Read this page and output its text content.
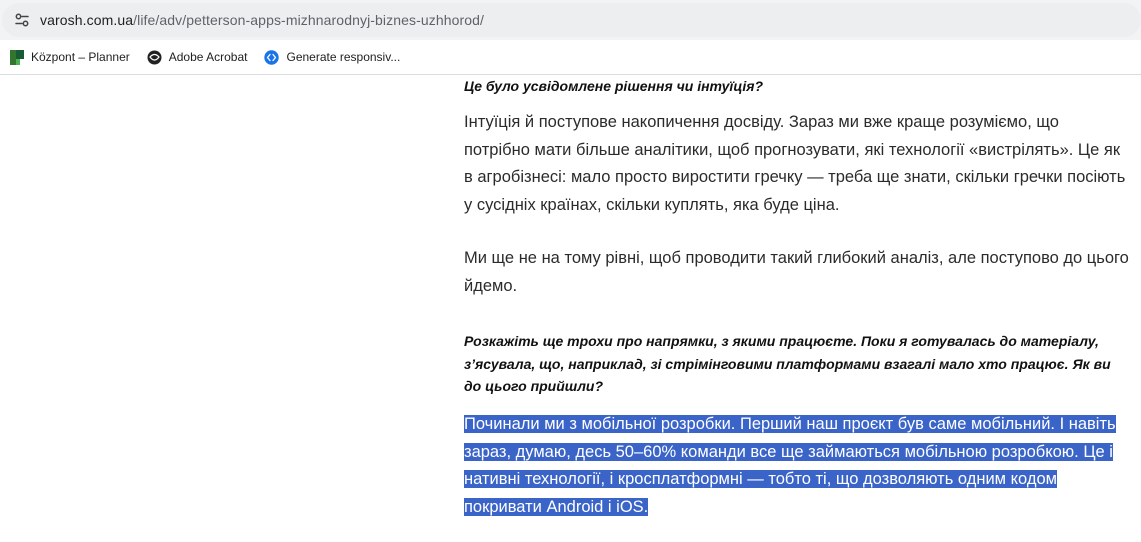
varosh.com.ua/life/adv/petterson-apps-mizhnarodnyj-biznes-uzhhorod/
Központ – Planner	Adobe Acrobat	Generate responsiv...

Це було усвідомлене рішення чи інтуїція?

Інтуїція й поступове накопичення досвіду. Зараз ми вже краще розуміємо, що потрібно мати більше аналітики, щоб прогнозувати, які технології «вистрілять». Це як в агробізнесі: мало просто виростити гречку — треба ще знати, скільки гречки посіють у сусідніх країнах, скільки куплять, яка буде ціна.

Ми ще не на тому рівні, щоб проводити такий глибокий аналіз, але поступово до цього йдемо.

Розкажіть ще трохи про напрямки, з якими працюєте. Поки я готувалась до матеріалу, з’ясувала, що, наприклад, зі стрімінговими платформами взагалі мало хто працює. Як ви до цього прийшли?

Починали ми з мобільної розробки. Перший наш проєкт був саме мобільний. І навіть зараз, думаю, десь 50–60% команди все ще займаються мобільною розробкою. Це і нативні технології, і кросплатформні — тобто ті, що дозволяють одним кодом покривати Android і iOS.
